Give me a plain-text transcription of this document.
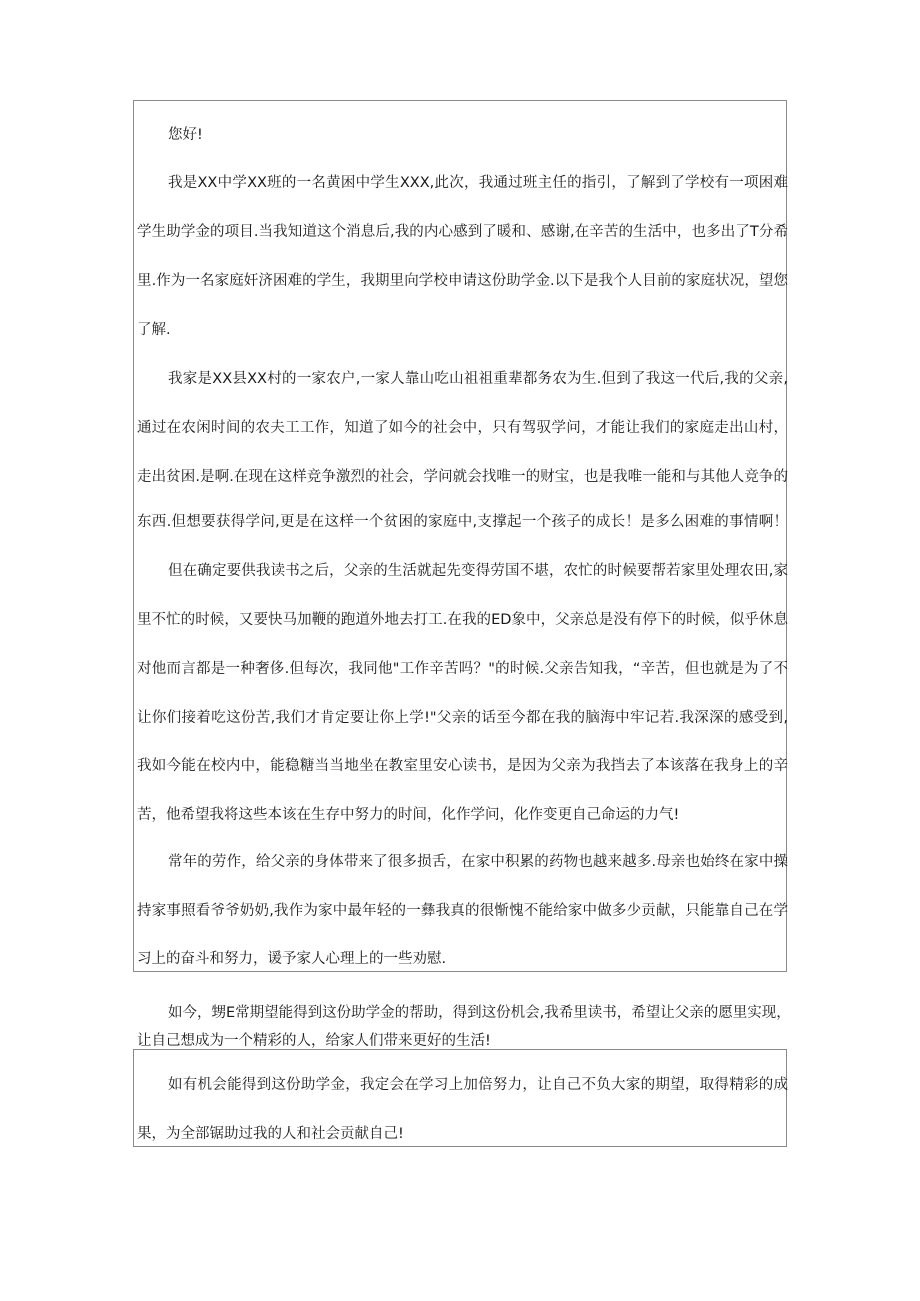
您好!

我是XX中学XX班的一名黄困中学生XXX,此次，我通过班主任的指引，了解到了学校有一项困难

学生助学金的项目.当我知道这个消息后,我的内心感到了暖和、感谢,在辛苦的生活中，也多出了T分希

里.作为一名家庭奸济困难的学生，我期里向学校申请这份助学金.以下是我个人目前的家庭状况，望您

了解.

我家是XX县XX村的一家农户,一家人靠山吃山祖祖重辈都务农为生.但到了我这一代后,我的父亲,

通过在农闲时间的农夫工工作，知道了如今的社会中，只有驾驭学问，才能让我们的家庭走出山村，

走出贫困.是啊.在现在这样竞争激烈的社会，学问就会找唯一的财宝，也是我唯一能和与其他人竞争的

东西.但想要获得学问,更是在这样一个贫困的家庭中,支撑起一个孩子的成长！是多么困难的事情啊！

但在确定要供我读书之后，父亲的生活就起先变得劳国不堪，农忙的时候要帮若家里处理农田,家

里不忙的时候，又要快马加鞭的跑道外地去打工.在我的ED象中，父亲总是没有停下的时候，似乎休息

对他而言都是一种奢侈.但每次，我同他"工作辛苦吗？"的时候.父亲告知我，“辛苦，但也就是为了不

让你们接着吃这份苦,我们才肯定要让你上学!"父亲的话至今都在我的脑海中牢记若.我深深的感受到,

我如今能在校内中，能稳糖当当地坐在教室里安心读书，是因为父亲为我挡去了本该落在我身上的辛

苦，他希望我将这些本该在生存中努力的时间，化作学问，化作变更自己命运的力气!

常年的劳作，给父亲的身体带来了很多损舌，在家中积累的药物也越来越多.母亲也始终在家中操

持家事照看爷爷奶奶,我作为家中最年轻的一彝我真的很惭愧不能给家中做多少贡献，只能靠自己在学

习上的奋斗和努力，谖予家人心理上的一些劝慰.

如今，甥E常期望能得到这份助学金的帮助，得到这份机会,我希里读书，希望让父亲的愿里实现，

让自己想成为一个精彩的人，给家人们带来更好的生活!

如有机会能得到这份助学金，我定会在学习上加倍努力，让自己不负大家的期望，取得精彩的成

果，为全部锯助过我的人和社会贡献自己!
